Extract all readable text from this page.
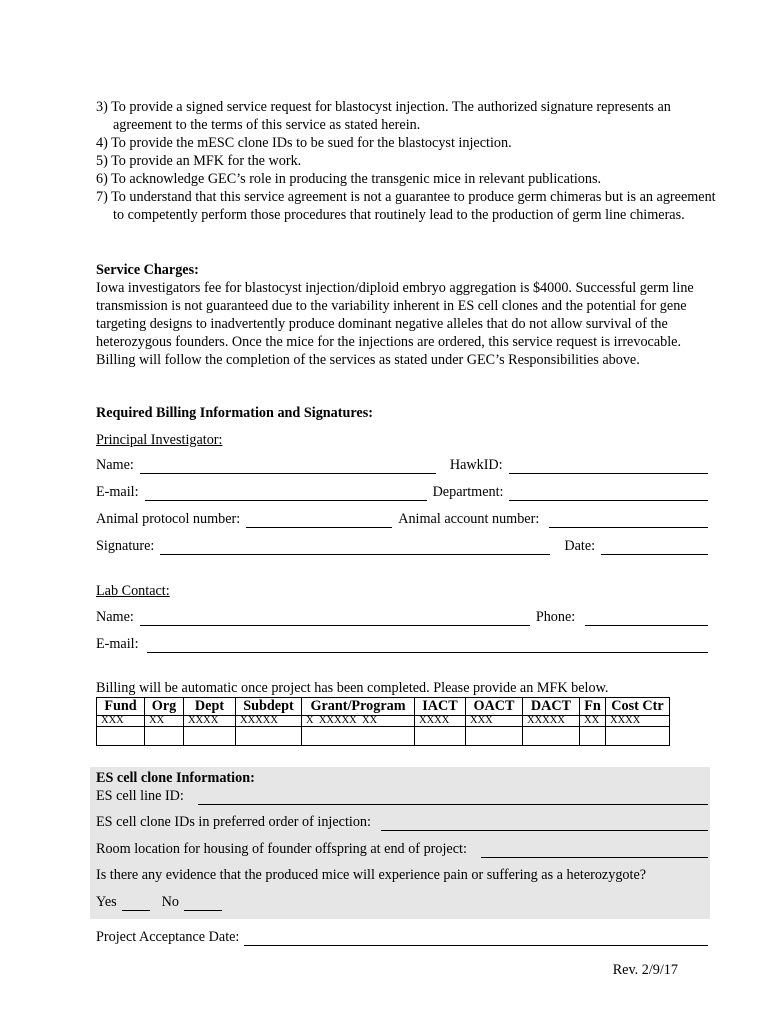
3) To provide a signed service request for blastocyst injection. The authorized signature represents an agreement to the terms of this service as stated herein.
4) To provide the mESC clone IDs to be sued for the blastocyst injection.
5) To provide an MFK for the work.
6) To acknowledge GEC’s role in producing the transgenic mice in relevant publications.
7) To understand that this service agreement is not a guarantee to produce germ chimeras but is an agreement to competently perform those procedures that routinely lead to the production of germ line chimeras.

Service Charges:

Iowa investigators fee for blastocyst injection/diploid embryo aggregation is $4000. Successful germ line transmission is not guaranteed due to the variability inherent in ES cell clones and the potential for gene targeting designs to inadvertently produce dominant negative alleles that do not allow survival of the heterozygous founders. Once the mice for the injections are ordered, this service request is irrevocable. Billing will follow the completion of the services as stated under GEC’s Responsibilities above.

Required Billing Information and Signatures:

Principal Investigator:

Name:	HawkID:
E-mail:	Department:
Animal protocol number:	Animal account number:
Signature:	Date:

Lab Contact:

Name:	Phone:
E-mail:

Billing will be automatic once project has been completed. Please provide an MFK below.

Fund	Org	Dept	Subdept	Grant/Program	IACT	OACT	DACT	Fn	Cost Ctr
XXX	XX	XXXX	XXXXX	X  XXXXX  XX	XXXX	XXX	XXXXX	XX	XXXX

ES cell clone Information:

ES cell line ID:
ES cell clone IDs in preferred order of injection:
Room location for housing of founder offspring at end of project:

Is there any evidence that the produced mice will experience pain or suffering as a heterozygote?

Yes	No
Project Acceptance Date:
Rev. 2/9/17
